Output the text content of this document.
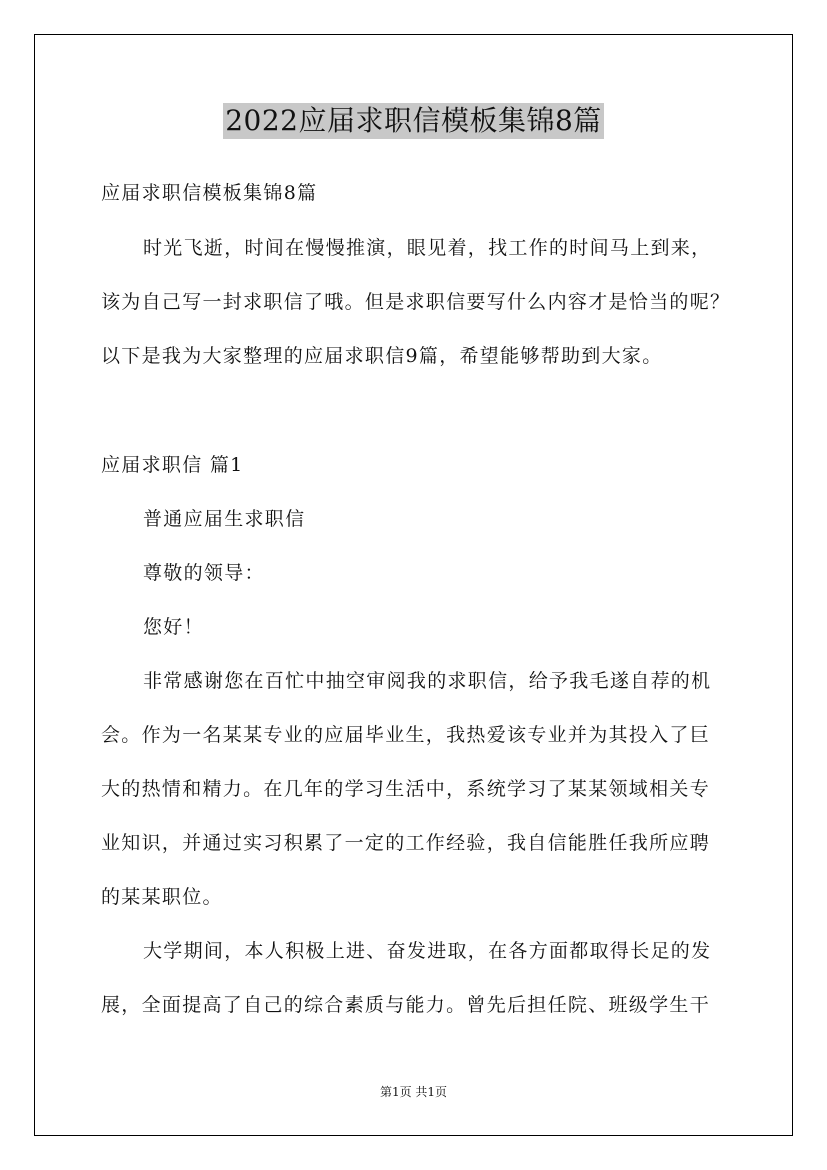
2022应届求职信模板集锦8篇
应届求职信模板集锦8篇
时光飞逝，时间在慢慢推演，眼见着，找工作的时间马上到来，
该为自己写一封求职信了哦。但是求职信要写什么内容才是恰当的呢？
以下是我为大家整理的应届求职信9篇，希望能够帮助到大家。
应届求职信 篇1
普通应届生求职信
尊敬的领导：
您好！
非常感谢您在百忙中抽空审阅我的求职信，给予我毛遂自荐的机
会。作为一名某某专业的应届毕业生，我热爱该专业并为其投入了巨
大的热情和精力。在几年的学习生活中，系统学习了某某领域相关专
业知识，并通过实习积累了一定的工作经验，我自信能胜任我所应聘
的某某职位。
大学期间，本人积极上进、奋发进取，在各方面都取得长足的发
展，全面提高了自己的综合素质与能力。曾先后担任院、班级学生干
第1页 共1页
